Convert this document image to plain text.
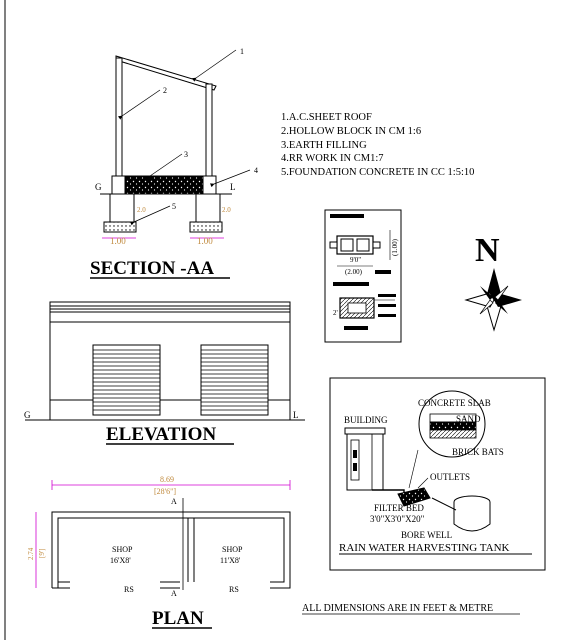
G	L
2.0	2.0
1.00	1.00
1
2
3
4
5
SECTION -AA
1.A.C.SHEET ROOF
2.HOLLOW BLOCK IN CM 1:6
3.EARTH FILLING
4.RR WORK IN CM1:7
5.FOUNDATION CONCRETE IN CC 1:5:10
(1.00)
9'0"
(2.00)
2'
N
G	L
ELEVATION
8.69
[28'6"]
2.74 [9']
A
A
SHOP
16'X8'
RS
SHOP
11'X8'
RS
PLAN
BUILDING
OUTLETS
FILTER BED
3'0"X3'0"X20"
CONCRETE SLAB
SAND
BRICK BATS
BORE WELL
RAIN WATER HARVESTING TANK
ALL DIMENSIONS ARE IN FEET & METRE
